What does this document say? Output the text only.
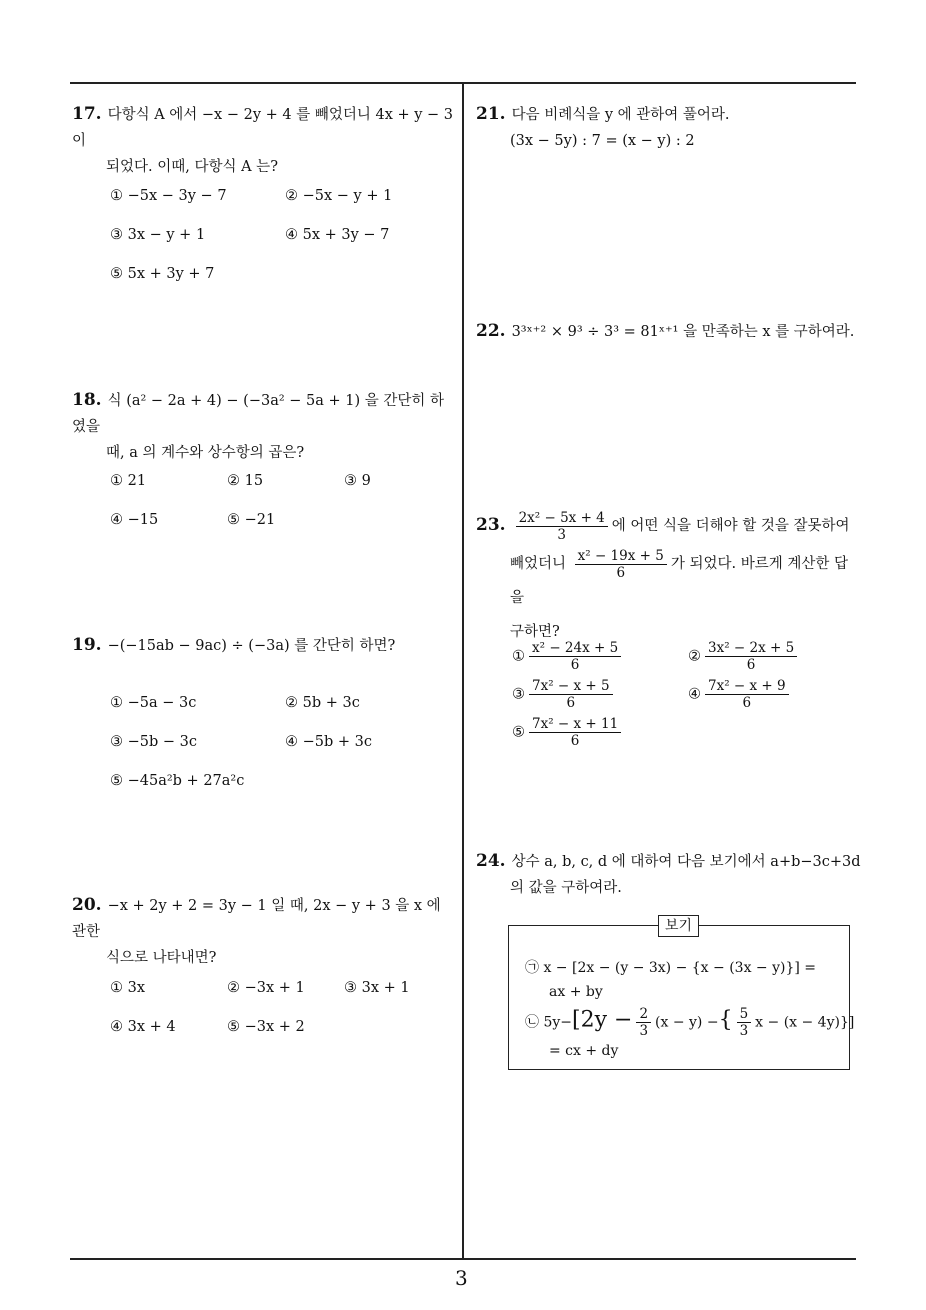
3
17. 다항식 A 에서 −x − 2y + 4 를 빼었더니 4x + y − 3 이
되었다. 이때, 다항식 A 는?
① −5x − 3y − 7	② −5x − y + 1
③ 3x − y + 1	④ 5x + 3y − 7
⑤ 5x + 3y + 7
18. 식 (a² − 2a + 4) − (−3a² − 5a + 1) 을 간단히 하였을
때, a 의 계수와 상수항의 곱은?
① 21	② 15	③ 9
④ −15	⑤ −21
19. −(−15ab − 9ac) ÷ (−3a) 를 간단히 하면?
① −5a − 3c	② 5b + 3c
③ −5b − 3c	④ −5b + 3c
⑤ −45a²b + 27a²c
20. −x + 2y + 2 = 3y − 1 일 때, 2x − y + 3 을 x 에 관한
식으로 나타내면?
① 3x	② −3x + 1	③ 3x + 1
④ 3x + 4	⑤ −3x + 2
21. 다음 비례식을 y 에 관하여 풀어라.
(3x − 5y) : 7 = (x − y) : 2
22. 3³ˣ⁺² × 9³ ÷ 3³ = 81ˣ⁺¹ 을 만족하는 x 를 구하여라.
23. $\frac{\text{2x² − 5x + 4}}{3}$ 에 어떤 식을 더해야 할 것을 잘못하여
빼었더니 $\frac{\text{x² − 19x + 5}}{6}$ 가 되었다. 바르게 계산한 답을
구하면?
① $\frac{\text{x² − 24x + 5}}{6}$	② $\frac{\text{3x² − 2x + 5}}{6}$
③ $\frac{\text{7x² − x + 5}}{6}$	④ $\frac{\text{7x² − x + 9}}{6}$
⑤ $\frac{\text{7x² − x + 11}}{6}$
24. 상수 a, b, c, d 에 대하여 다음 보기에서 a+b−3c+3d
의 값을 구하여라.
보기
㉠ x − [2x − (y − 3x) − {x − (3x − y)}] =
ax + by
㉡ $5y-[2y - \frac{2}{3} (x - y)$ −{ $\frac{5}{3}$ x − (x − 4y)}]
= cx + dy
